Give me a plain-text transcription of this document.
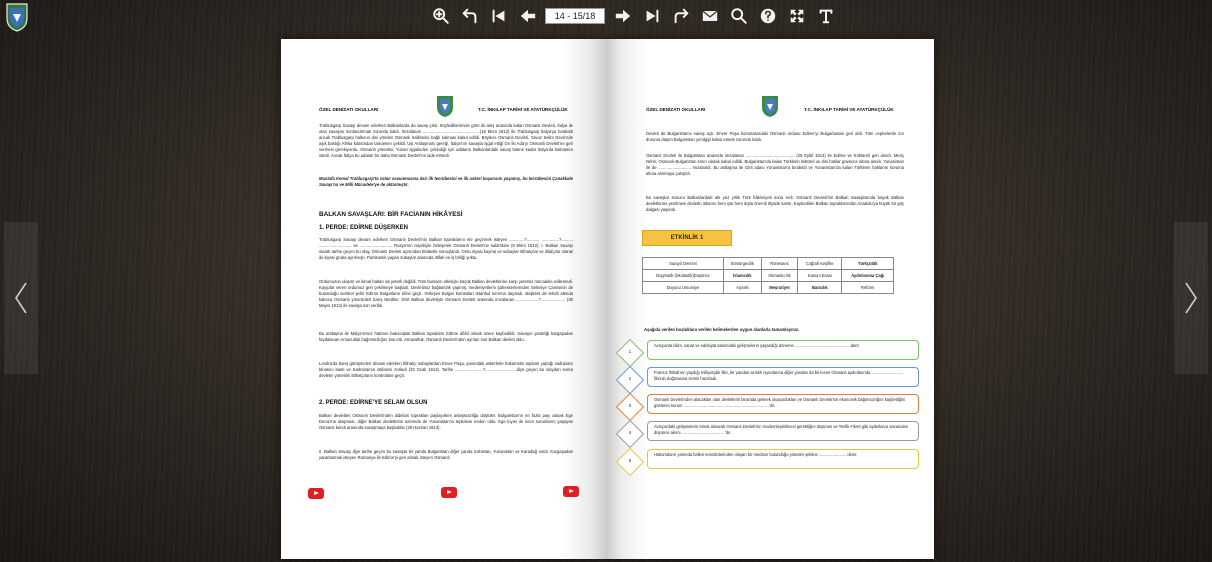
14 - 15/18
ÖZEL DENİZATI OKULLARI	T.C. İNKILAP TARİHİ VE ATATÜRKÇÜLÜK
Trablusgarp Savaşı devam ederken Balkanlarda da savaş çıktı. Söylediklerimize göre iki ateş arasında kalan Osmanlı Devleti, İtalya ile olan savaşını sonlandırmak zorunda kaldı. İmzalanan .................................................(18 Ekim 1912) ile Trablusgarp İtalya'ya bırakıldı ancak Trablusgarp halkının dini yönden Osmanlı halifesine bağlı kalması kabul edildi. Böylece Osmanlı Devleti, Yavuz Selim Devri'nde aşık bastığı Afrika kıtasından tamamen çekildi. Uşi Antlaşması gereği, İtalya'nın savaşta işgal ettiği On İki Ada'yı Osmanlı Devleti'ne geri vermesi gerekiyordu. Osmanlı yönetimi, Yunan işgalinden çekindiği için adaların Balkanlardaki savaş bitene kadar İtalya'da kalmasını istedi. Ancak İtalya bu adaları bir daha Osmanlı Devleti'ne iade etmedi.
Mustafa Kemal Trablusgarp'ta vatan savunmasına dair ilk tecrübesini ve ilk askeri başarısını yaşamış, bu tecrübesini Çanakkale Savaşı'na ve Milli Mücadele'ye de aktarmıştır.
BALKAN SAVAŞLARI: BİR FACİANIN HİKÂYESİ
1. PERDE: EDİRNE DÜŞERKEN
Trablusgarp Savaşı devam ederken Osmanlı Devleti'nin Balkan topraklarını ele geçirmek isteyen .............?.........., ...............?........., ............................ ve ............................ Rusya'nın teşvikiyle birleşerek Osmanlı Devleti'ne saldırdılar (8 Ekim 1912). I. Balkan Savaşı olarak tarihe geçen bu olay, Osmanlı Devleti açısından felaketle sonuçlandı. Ordu siyasi kayma ve subaylar ittihatçılar ve itilafçılar olarak iki siyasi gruba ayrılmıştı. Partizanlık yapan subaylar arasında ittifak ve iş birliği yoktu.
Ordumuzun ulaşım ve ikmal hatları da yeterli değildi. Tüm bunların etkisiyle küçük Balkan devletlerine karşı yetersiz mücadele edilemedi. Kayıplar veren ordumuz geri çekilmeye başladı. Devletimiz bağlantılık yapmış, medeniyetlerin şahesserlerinden Selimiye Camisinin de bulunduğu sembol şehir Edirne Bulgarların eline geçti. Yerleşen Bulgar komitaları İstanbul sınırına dayandı. Başkent de tehdit altında kalınca Osmanlı yöneticileri barış istediler. Dört Balkan devletiyle Osmanlı Devleti arasında imzalanan ...................?..................... (30 Mayıs 1913) ile savaşa son verildi.
Bu antlaşma ile Midye-Enez hattının batısındaki Balkan toprakları Edirne dâhil olmak üzere kaybedildi. Savaşın yarattığı kargaşadan faydalanan Arnavutluk bağımsızlığını ilan etti. Arnavutluk, Osmanlı Devleti'nden ayrılan son Balkan devleti oldu.
Londra'da barış görüşmeleri devam ederken İttihatçı subaylardan Enver Paşa, yanındaki askerlerle hükümetin toplantı yaptığı sadrazam binasını bastı ve Sadrazamın istifasını zorladı (23 Ocak 1913). Tarihe ........................?...........................diye geçen bu olaydan sonra devletin yönetimi İttihatçıların kontrolüne geçti.
2. PERDE: EDİRNE'YE SELAM OLSUN
Balkan devletleri Osmanlı Devleti'nden aldıkları toprakları paylaşırken anlaşmazlığa düştüler. Bulgaristan'ın en fazla payı alarak Ege Denizi'ne ulaşması, diğer Balkan devletlerini üzerinde de Yunanistan'ın tepkisine neden oldu. Ege kıyısı ile sınırı sorunlarını yaşayan Osmanlı kendi arasında savaşmaya başladılar (29 Haziran 1913).
II. Balkan Savaşı diye tarihe geçen bu savaşta bir yanda Bulgaristan diğer yanda Sırbistan, Yunanistan ve Karadağ vardı. Kargaşadan yararlanmak isteyen Romanya ile Edirne'yi geri almak isteyen Osmanlı
ÖZEL DENİZATI OKULLARI	T.C. İNKILAP TARİHİ VE ATATÜRKÇÜLÜK
Devleti de Bulgaristan'a savaş açtı. Enver Paşa komutasındaki Osmanlı ordusu Edirne'yi Bulgarlardan geri aldı. Tüm cephelerde zor duruma düşen Bulgaristan yenilgiyi kabul etmek zorunda kaldı.
Osmanlı Devleti ile Bulgaristan arasında imzalanan .......................................... (29 Eylül 1913) ile Edirne ve Kırklareli geri alındı. Meriç Nehri, Osmanlı-Bulgaristan sınırı olarak kabul edildi. Bulgaristan'da kalan Türklerin kültürel ve dini haklar güvence altına alındı. Yunanistan ile de ............................ imzalandı. Bu antlaşma ile Girit adası Yunanistan'a bırakıldı ve Yunanistan'da kalan Türklerin haklarını koruma altına alınmaya çalışıldı.
Bu savaşlar sonucu Balkanlardaki altı yüz yıllık Türk hâkimiyeti sona erdi. Osmanlı Devleti'nin Balkan Savaşlarında büyük Balkan devletlerine yenilmesi devletin itibarını hem içte hem dışta önemli ölçüde sarstı. Kaybedilen Balkan topraklarından Anadolu'ya büyük bir göç dalgası yaşandı.
ETKİNLİK 1
Saraylı Devrimi	Sömürgecilik	Rönesans	Coğrafi Keşifler	Türkçülük
Dogmatik (Skolastik)Düşünce	İslamcılık	Osmanlıcılık	Kanuni Esasi	Aydınlanma Çağı
Duyunu Umumiye	Aşırılık	Meşrutiyet	Batıcılık	Reform
Aşağıda verilen boşluklara verilen kelimelerden uygun olanlarla tamamlayınız.
1
Avrupa'da bilim, sanat ve edebiyat alanındaki gelişmelerin yaşandığı döneme .................................................derir.
2
Fransız İhtilali'nin yaydığı milliyetçilik fikri, bir yandan azınlık isyanlarına diğer yandan da bir kısım Osmanlı aydınlarında ............................ fikrinin doğmasına zemin hazırladı.
3
Osmanlı Devleti'nden alacakları olan devletlerin birarada gelerek oluşturdukları ve Osmanlı Devleti'nin ekonomik bağımsızlığını kaybettiğini gösteren kurum ...........................................................................'dir.
4
Avrupa'daki gelişmelerin örnek alınarak Osmanlı Devleti'nin modernleştirilmesi gerektiğini düşünen ve Tevfik Fikret gibi aydınlarca savunulan düşünce akımı ..................................... 'dır.
5
Hükümdarın yanında halkın temsilcilerinden oluşan bir meclisin bulunduğu yönetim şekline ........................ denir.
